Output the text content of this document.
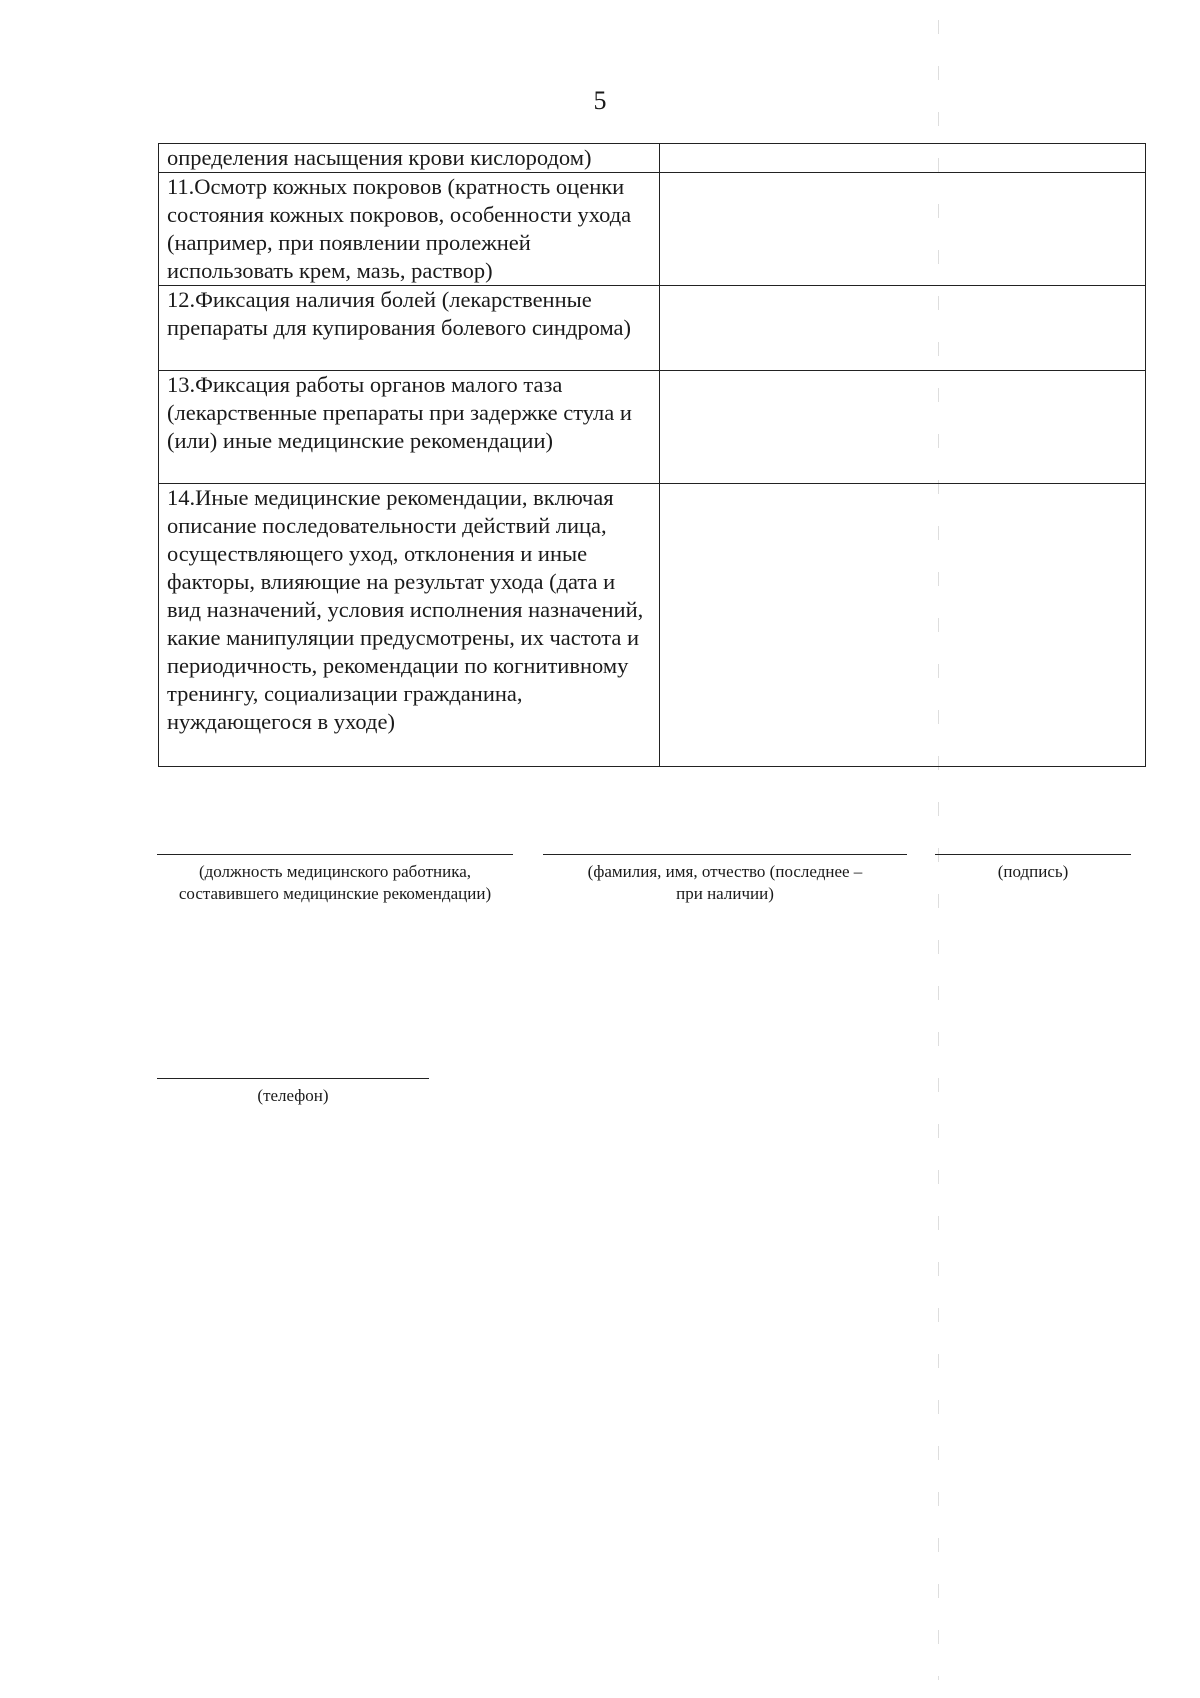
5
определения насыщения крови кислородом)	
11.Осмотр кожных покровов (кратность оценки состояния кожных покровов, особенности ухода (например, при появлении пролежней использовать крем, мазь, раствор)	
12.Фиксация наличия болей (лекарственные препараты для купирования болевого синдрома)	
13.Фиксация работы органов малого таза (лекарственные препараты при задержке стула и (или) иные медицинские рекомендации)	
14.Иные медицинские рекомендации, включая описание последовательности действий лица, осуществляющего уход, отклонения и иные факторы, влияющие на результат ухода (дата и вид назначений, условия исполнения назначений, какие манипуляции предусмотрены, их частота и периодичность, рекомендации по когнитивному тренингу, социализации гражданина, нуждающегося в уходе)	
(должность медицинского работника, составившего медицинские рекомендации)
(фамилия, имя, отчество (последнее – при наличии)
(подпись)
(телефон)
